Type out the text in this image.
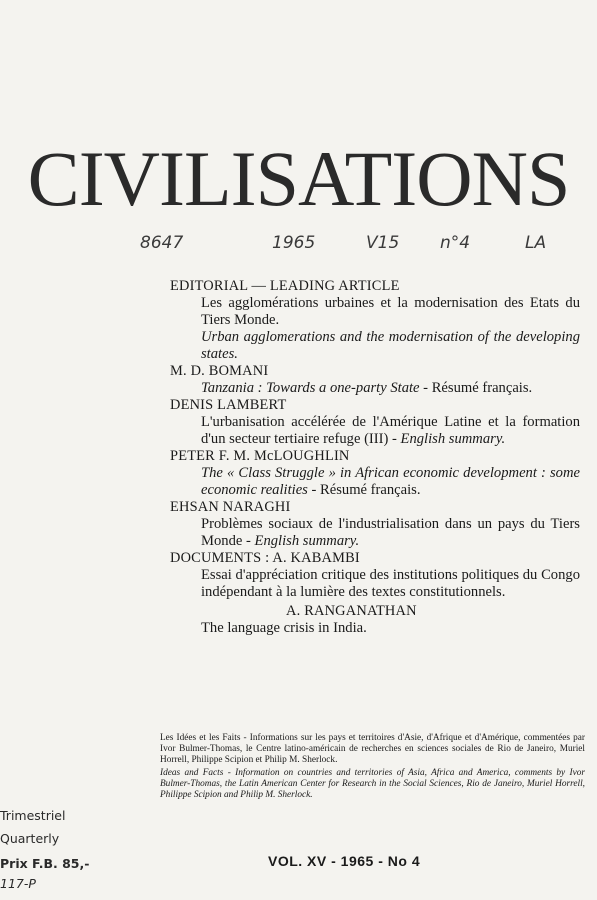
CIVILISATIONS
8647	1965	V15 n°4	LA

EDITORIAL — LEADING ARTICLE

Les agglomérations urbaines et la modernisation des Etats du Tiers Monde.

Urban agglomerations and the modernisation of the developing states.

M. D. BOMANI

Tanzania : Towards a one-party State - Résumé français.

DENIS LAMBERT

L'urbanisation accélérée de l'Amérique Latine et la formation d'un secteur tertiaire refuge (III) - English summary.

PETER F. M. McLOUGHLIN

The « Class Struggle » in African economic development : some economic realities - Résumé français.

EHSAN NARAGHI

Problèmes sociaux de l'industrialisation dans un pays du Tiers Monde - English summary.

DOCUMENTS : A. KABAMBI

Essai d'appréciation critique des institutions politiques du Congo indépendant à la lumière des textes constitutionnels.

A. RANGANATHAN

The language crisis in India.

Les Idées et les Faits - Informations sur les pays et territoires d'Asie, d'Afrique et d'Amérique, commentées par Ivor Bulmer-Thomas, le Centre latino-américain de recherches en sciences sociales de Rio de Janeiro, Muriel Horrell, Philippe Scipion et Philip M. Sherlock.

Ideas and Facts - Information on countries and territories of Asia, Africa and America, comments by Ivor Bulmer-Thomas, the Latin American Center for Research in the Social Sciences, Rio de Janeiro, Muriel Horrell, Philippe Scipion and Philip M. Sherlock.

Trimestriel
Quarterly
Prix F.B. 85,-
117-P
VOL. XV - 1965 - No 4
